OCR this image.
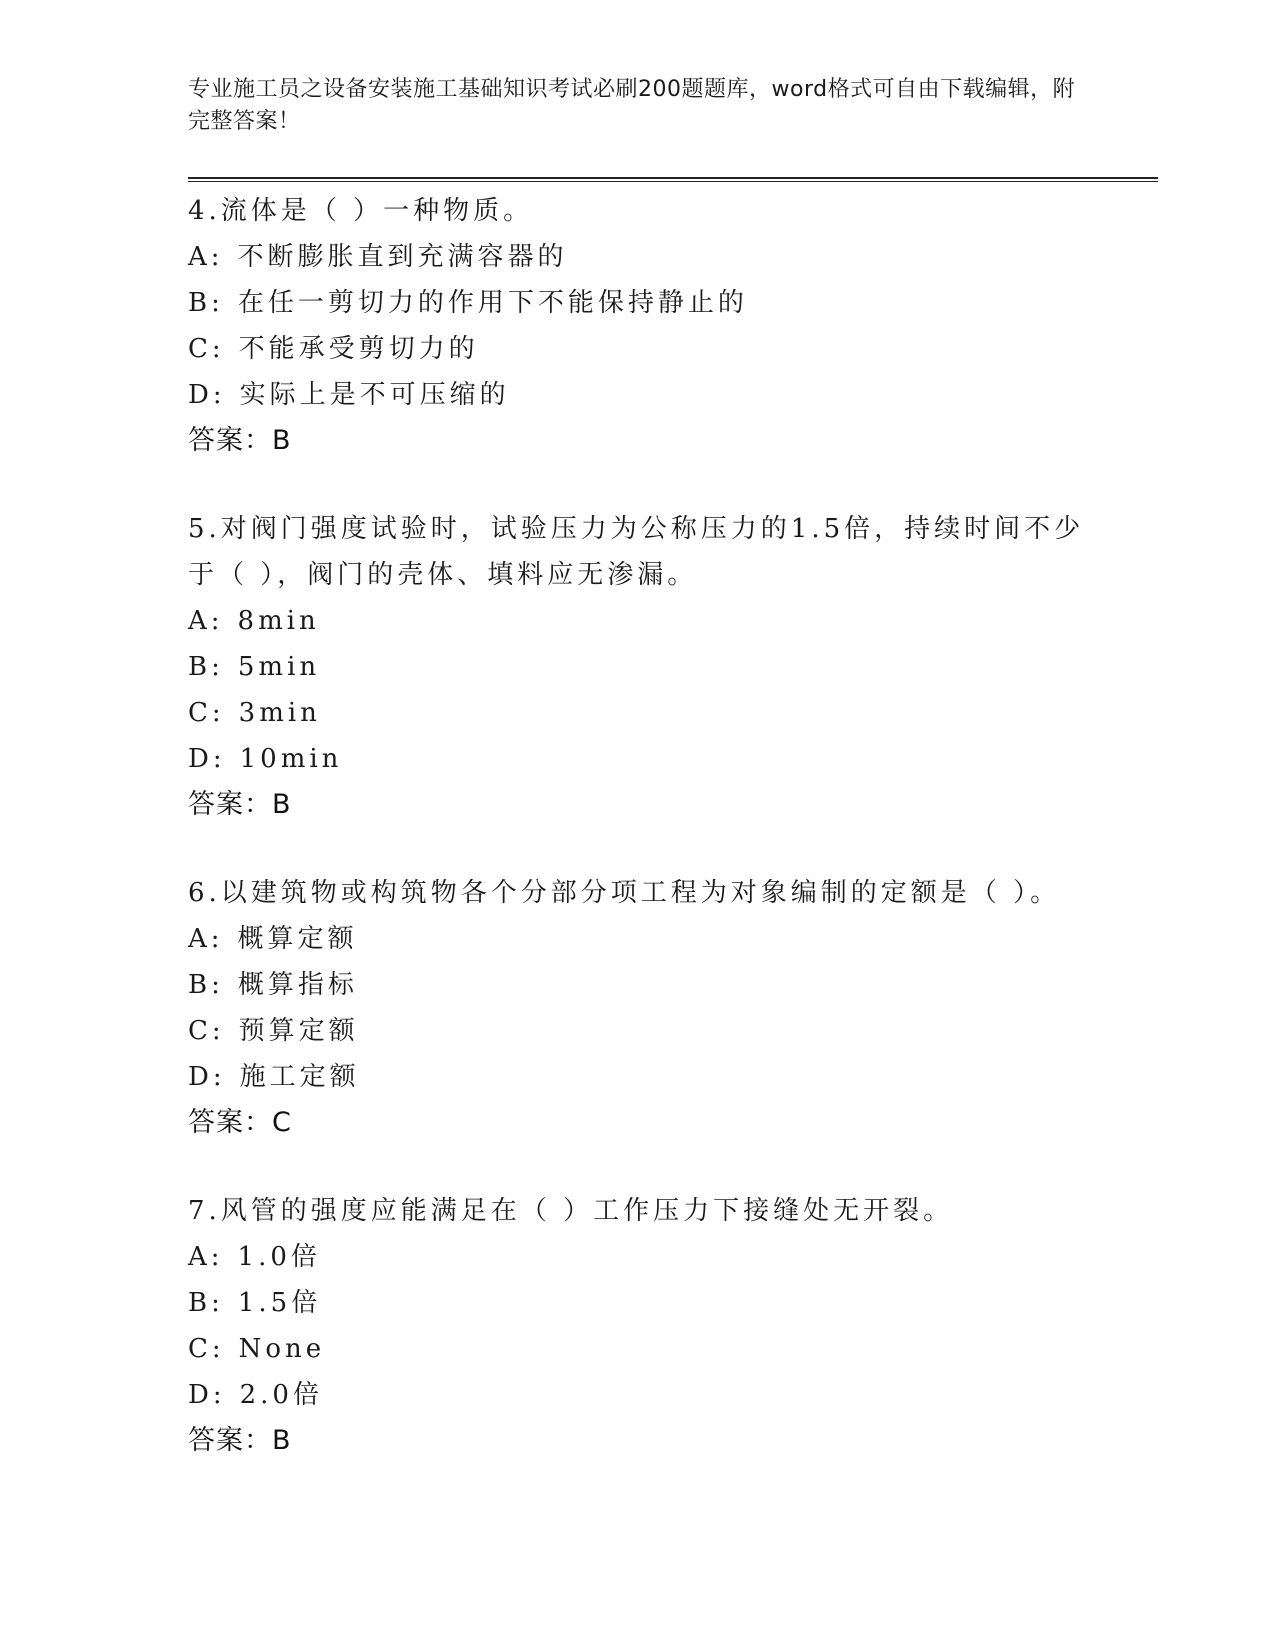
专业施工员之设备安装施工基础知识考试必刷200题题库，word格式可自由下载编辑，附完整答案！
4.流体是（ ）一种物质。
A: 不断膨胀直到充满容器的
B: 在任一剪切力的作用下不能保持静止的
C: 不能承受剪切力的
D: 实际上是不可压缩的
答案：B
5.对阀门强度试验时，试验压力为公称压力的1.5倍，持续时间不少于（ ），阀门的壳体、填料应无渗漏。
A: 8min
B: 5min
C: 3min
D: 10min
答案：B
6.以建筑物或构筑物各个分部分项工程为对象编制的定额是（ ）。
A: 概算定额
B: 概算指标
C: 预算定额
D: 施工定额
答案：C
7.风管的强度应能满足在（ ）工作压力下接缝处无开裂。
A: 1.0倍
B: 1.5倍
C: None
D: 2.0倍
答案：B
